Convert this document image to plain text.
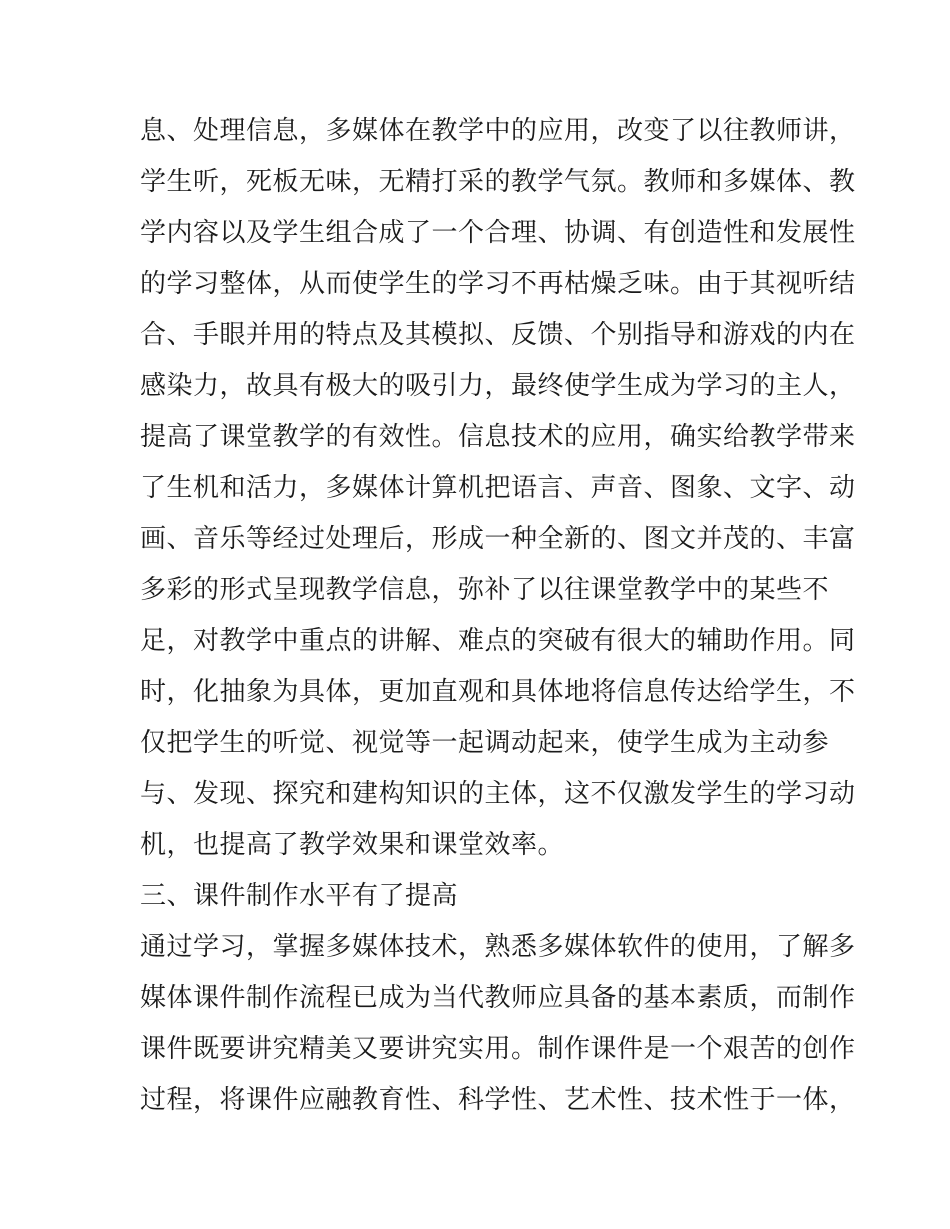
息、处理信息，多媒体在教学中的应用，改变了以往教师讲，
学生听，死板无味，无精打采的教学气氛。教师和多媒体、教
学内容以及学生组合成了一个合理、协调、有创造性和发展性
的学习整体，从而使学生的学习不再枯燥乏味。由于其视听结
合、手眼并用的特点及其模拟、反馈、个别指导和游戏的内在
感染力，故具有极大的吸引力，最终使学生成为学习的主人，
提高了课堂教学的有效性。信息技术的应用，确实给教学带来
了生机和活力，多媒体计算机把语言、声音、图象、文字、动
画、音乐等经过处理后，形成一种全新的、图文并茂的、丰富
多彩的形式呈现教学信息，弥补了以往课堂教学中的某些不
足，对教学中重点的讲解、难点的突破有很大的辅助作用。同
时，化抽象为具体，更加直观和具体地将信息传达给学生，不
仅把学生的听觉、视觉等一起调动起来，使学生成为主动参
与、发现、探究和建构知识的主体，这不仅激发学生的学习动
机，也提高了教学效果和课堂效率。
三、课件制作水平有了提高
通过学习，掌握多媒体技术，熟悉多媒体软件的使用，了解多
媒体课件制作流程已成为当代教师应具备的基本素质，而制作
课件既要讲究精美又要讲究实用。制作课件是一个艰苦的创作
过程，将课件应融教育性、科学性、艺术性、技术性于一体，
